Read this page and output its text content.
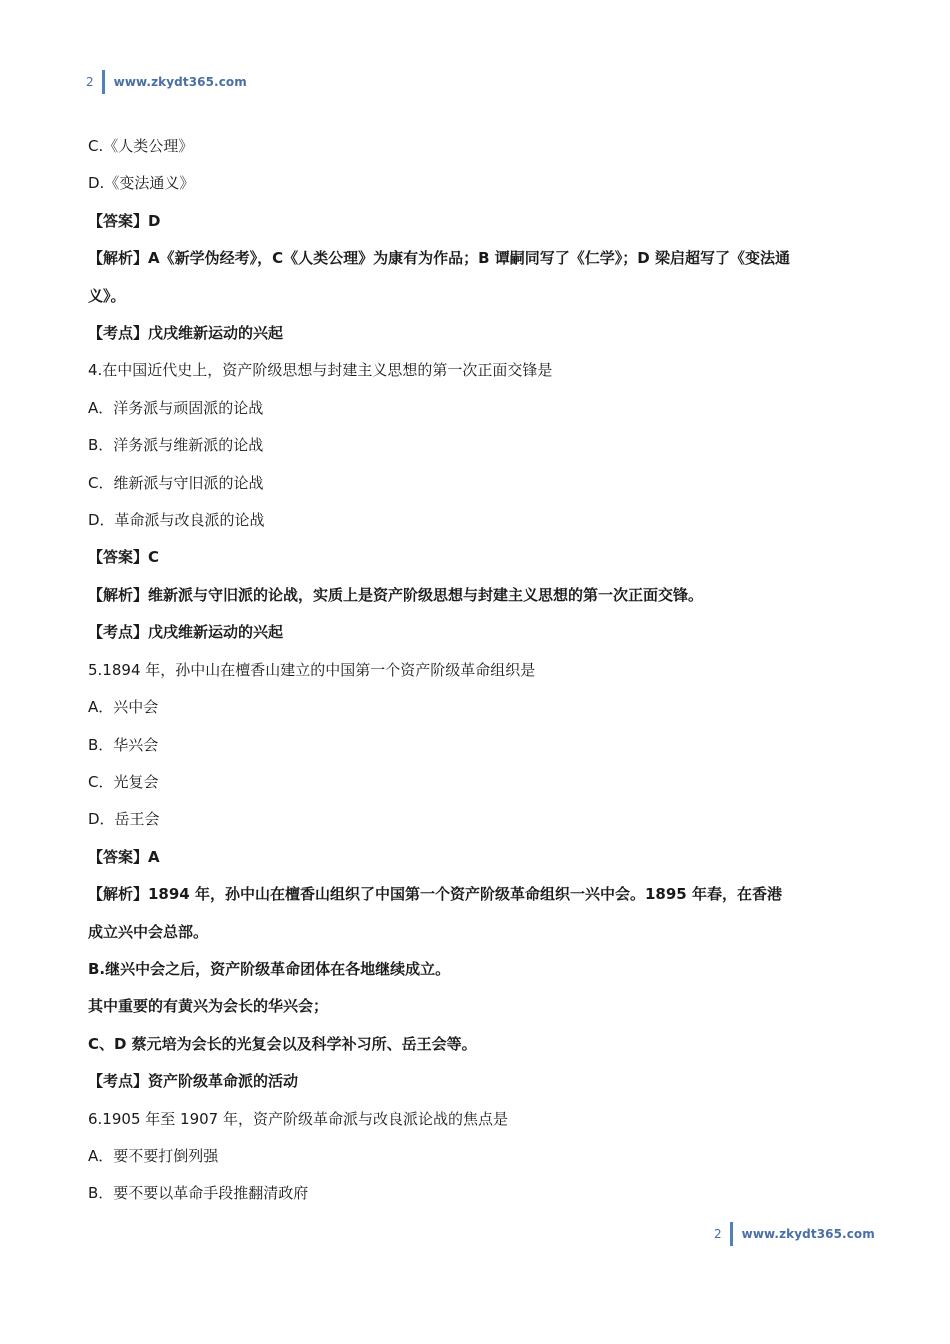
2 www.zkydt365.com
C.《人类公理》
D.《变法通义》
【答案】D
【解析】A《新学伪经考》，C《人类公理》为康有为作品；B 谭嗣同写了《仁学》；D 梁启超写了《变法通
义》。
【考点】戊戌维新运动的兴起
4.在中国近代史上，资产阶级思想与封建主义思想的第一次正面交锋是
A．洋务派与顽固派的论战
B．洋务派与维新派的论战
C．维新派与守旧派的论战
D．革命派与改良派的论战
【答案】C
【解析】维新派与守旧派的论战，实质上是资产阶级思想与封建主义思想的第一次正面交锋。
【考点】戊戌维新运动的兴起
5.1894 年，孙中山在檀香山建立的中国第一个资产阶级革命组织是
A．兴中会
B．华兴会
C．光复会
D．岳王会
【答案】A
【解析】1894 年，孙中山在檀香山组织了中国第一个资产阶级革命组织一兴中会。1895 年春，在香港
成立兴中会总部。
B.继兴中会之后，资产阶级革命团体在各地继续成立。
其中重要的有黄兴为会长的华兴会；
C、D 蔡元培为会长的光复会以及科学补习所、岳王会等。
【考点】资产阶级革命派的活动
6.1905 年至 1907 年，资产阶级革命派与改良派论战的焦点是
A．要不要打倒列强
B．要不要以革命手段推翻清政府
2 www.zkydt365.com
